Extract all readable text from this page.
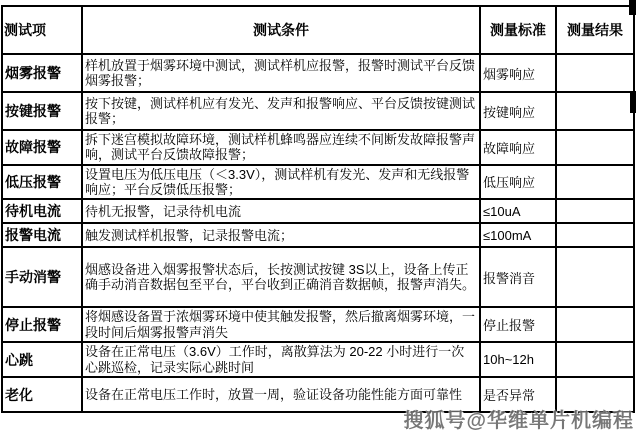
测试项	测试条件	测量标准	测量结果
烟雾报警	样机放置于烟雾环境中测试，测试样机应报警，报警时测试平台反馈烟雾报警；	烟雾响应	
按键报警	按下按键，测试样机应有发光、发声和报警响应、平台反馈按键测试报警；	按键响应	
故障报警	拆下迷宫模拟故障环境，测试样机蜂鸣器应连续不间断发故障报警声响，测试平台反馈故障报警；	故障响应	
低压报警	设置电压为低压电压（＜3.3V），测试样机有发光、发声和无线报警响应；平台反馈低压报警；	低压响应	
待机电流	待机无报警，记录待机电流	≤10uA	
报警电流	触发测试样机报警，记录报警电流；	≤100mA	
手动消警	烟感设备进入烟雾报警状态后，长按测试按键 3S以上，设备上传正确手动消音数据包至平台，平台收到正确消音数据帧，报警声消失。	报警消音	
停止报警	将烟感设备置于浓烟雾环境中使其触发报警，然后撤离烟雾环境，一段时间后烟雾报警声消失	停止报警	
心跳	设备在正常电压（3.6V）工作时，离散算法为 20-22 小时进行一次心跳巡检，记录实际心跳时间	10h~12h	
老化	设备在正常电压工作时，放置一周，验证设备功能性能方面可靠性	是否异常	
搜狐号@华维单片机编程
